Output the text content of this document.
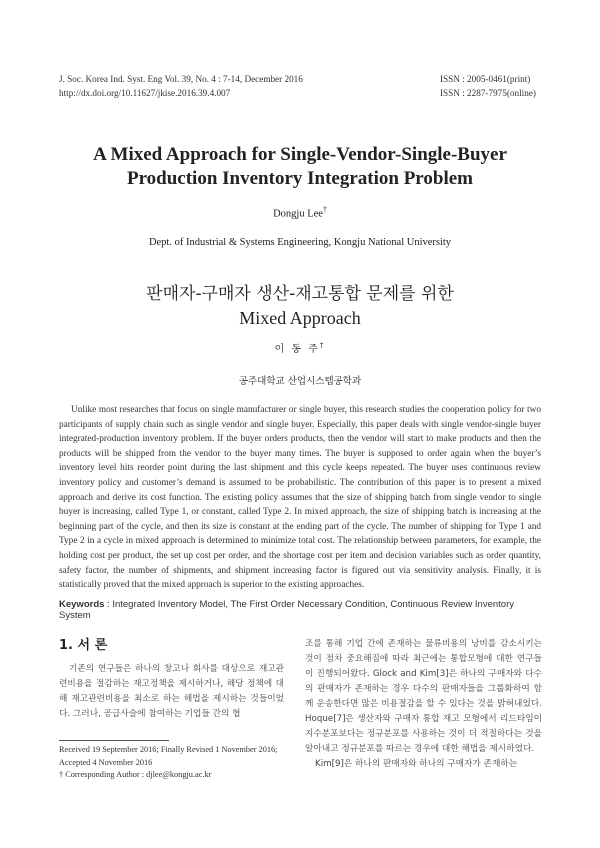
J. Soc. Korea Ind. Syst. Eng Vol. 39, No. 4 : 7-14, December 2016
http://dx.doi.org/10.11627/jkise.2016.39.4.007
ISSN : 2005-0461(print)
ISSN : 2287-7975(online)
A Mixed Approach for Single-Vendor-Single-Buyer
Production Inventory Integration Problem
Dongju Lee†
Dept. of Industrial & Systems Engineering, Kongju National University
판매자-구매자 생산-재고통합 문제를 위한
Mixed Approach
이 동 주†
공주대학교 산업시스템공학과

Unlike most researches that focus on single manufacturer or single buyer, this research studies the cooperation policy for two participants of supply chain such as single vendor and single buyer. Especially, this paper deals with single vendor-single buyer integrated-production inventory problem. If the buyer orders products, then the vendor will start to make products and then the products will be shipped from the vendor to the buyer many times. The buyer is supposed to order again when the buyer’s inventory level hits reorder point during the last shipment and this cycle keeps repeated. The buyer uses continuous review inventory policy and customer’s demand is assumed to be probabilistic. The contribution of this paper is to present a mixed approach and derive its cost function. The existing policy assumes that the size of shipping batch from single vendor to single buyer is increasing, called Type 1, or constant, called Type 2. In mixed approach, the size of shipping batch is increasing at the beginning part of the cycle, and then its size is constant at the ending part of the cycle. The number of shipping for Type 1 and Type 2 in a cycle in mixed approach is determined to minimize total cost. The relationship between parameters, for example, the holding cost per product, the set up cost per order, and the shortage cost per item and decision variables such as order quantity, safety factor, the number of shipments, and shipment increasing factor is figured out via sensitivity analysis. Finally, it is statistically proved that the mixed approach is superior to the existing approaches.

Keywords : Integrated Inventory Model, The First Order Necessary Condition, Continuous Review Inventory System
1. 서 론

기존의 연구들은 하나의 창고나 회사를 대상으로 재고관련비용을 절감하는 재고정책을 제시하거나, 해당 정책에 대해 재고관련비용을 최소로 하는 해법을 제시하는 것들이었다. 그러나, 공급사슬에 참여하는 기업들 간의 협

조를 통해 기업 간에 존재하는 물류비용의 낭비를 감소시키는 것이 점차 중요해짐에 따라 최근에는 통합모형에 대한 연구들이 진행되어왔다. Glock and Kim[3]은 하나의 구매자와 다수의 판매자가 존재하는 경우 다수의 판매자들을 그룹화하여 함께 운송한다면 많은 비용절감을 할 수 있다는 것을 밝혀내었다. Hoque[7]은 생산자와 구매자 통합 재고 모형에서 리드타임이 지수분포보다는 정규분포를 사용하는 것이 더 적절하다는 것을 알아내고 정규분포를 따르는 경우에 대한 해법을 제시하였다.

Kim[9]은 하나의 판매자와 하나의 구매자가 존재하는

Received 19 September 2016; Finally Revised 1 November 2016;
Accepted 4 November 2016
† Corresponding Author : djlee@kongju.ac.kr
